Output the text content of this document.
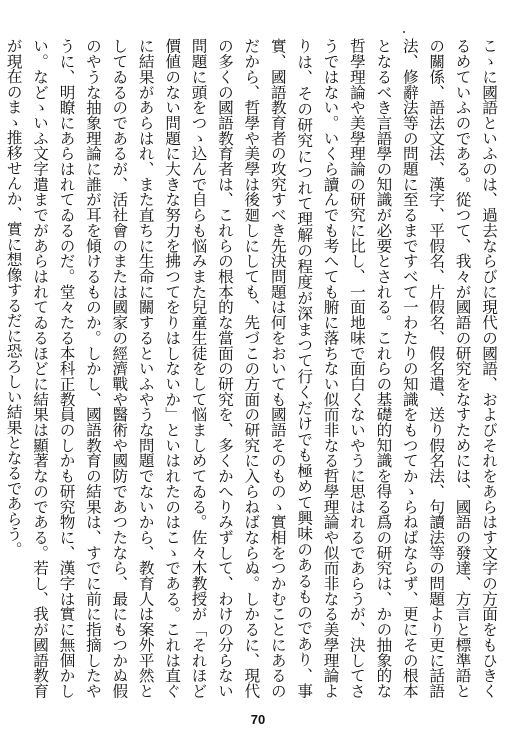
こゝに國語といふのは、過去ならびに現代の國語、およびそれをあらはす文字の方面をもひきくるめていふのである。從つて、我々が國語の研究をなすためには、國語の發達、方言と標準語との關係、語法文法、漢字、平假名、片假名、假名遣、送り假名法、句讀法等の問題より更に話語法、修辭法等の問題に至るまですべて一わたりの知識をもつてかゝらねばならず、更にその根本となるべき言語學の知識が必要とされる。これらの基礎的知識を得る爲の研究は、かの抽象的な哲學理論や美學理論の研究に比し、一面地味で面白くないやうに思はれるであらうが、決してさうではない。いくら讀んでも考へても腑に落ちない似而非なる哲學理論や似而非なる美學理論よりは、その研究につれて理解の程度が深まつて行くだけでも極めて興味のあるものであり、事實、國語教育者の攻究すべき先決問題は何をおいても國語そのものゝ實相をつかむことにあるのだから、哲學や美學は後廻しにしても、先づこの方面の研究に入らねばならぬ。しかるに、現代の多くの國語教育者は、これらの根本的な當面の研究を、多くかへりみずして、わけの分らない問題に頭をつゝ込んで自らも悩みまた兒童生徒をして悩ましめてゐる。佐々木教授が「それほど價値のない問題に大きな努力を拂つてをりはしないか」といはれたのはこゝである。これは直ぐに結果があらはれ、また直ちに生命に關するといふやうな問題でないから、教育人は案外平然としてゐるのであるが、活社會のまたは國家の經濟戰や醫術や國防であつたなら、最にもつかぬ假のやうな抽象理論に誰が耳を傾けるものか。しかし、國語教育の結果は、すでに前に指摘したやうに、明瞭にあらはれてゐるのだ。堂々たる本科正教員のしかも研究物に、漢字は實に無個かしい。などゝいふ文字遣までがあらはれてゐるほどに結果は顯著なのである。若し、我が國語教育が現在のまゝ推移せんか、實に想像するだに恐ろしい結果となるであらう。

70
